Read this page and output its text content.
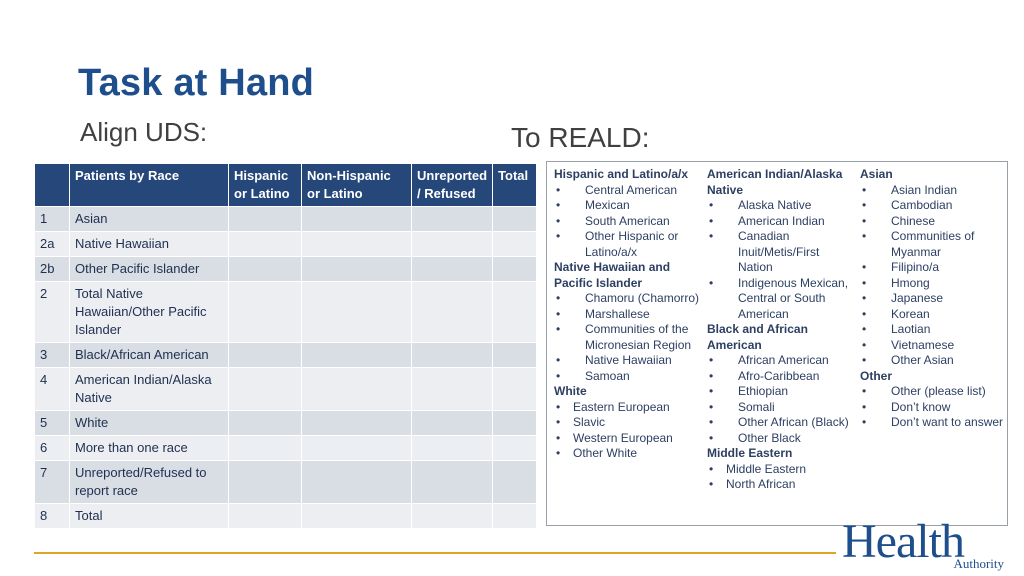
Task at Hand
Align UDS:	To REALD:
	Patients by Race	Hispanic or Latino	Non-Hispanic or Latino	Unreported / Refused	Total
1	Asian				
2a	Native Hawaiian				
2b	Other Pacific Islander				
2	Total Native Hawaiian/Other Pacific Islander				
3	Black/African American				
4	American Indian/Alaska Native				
5	White				
6	More than one race				
7	Unreported/Refused to report race				
8	Total				
Hispanic and Latino/a/x
• Central American
• Mexican
• South American
• Other Hispanic or Latino/a/x
Native Hawaiian and Pacific Islander
• Chamoru (Chamorro)
• Marshallese
• Communities of the Micronesian Region
• Native Hawaiian
• Samoan
White
• Eastern European
• Slavic
• Western European
• Other White
American Indian/Alaska Native
• Alaska Native
• American Indian
• Canadian Inuit/Metis/First Nation
• Indigenous Mexican, Central or South American
Black and African American
• African American
• Afro-Caribbean
• Ethiopian
• Somali
• Other African (Black)
• Other Black
Middle Eastern
• Middle Eastern
• North African
Asian
• Asian Indian
• Cambodian
• Chinese
• Communities of Myanmar
• Filipino/a
• Hmong
• Japanese
• Korean
• Laotian
• Vietnamese
• Other Asian
Other
• Other (please list)
• Don’t know
• Don’t want to answer
Health
Authority
